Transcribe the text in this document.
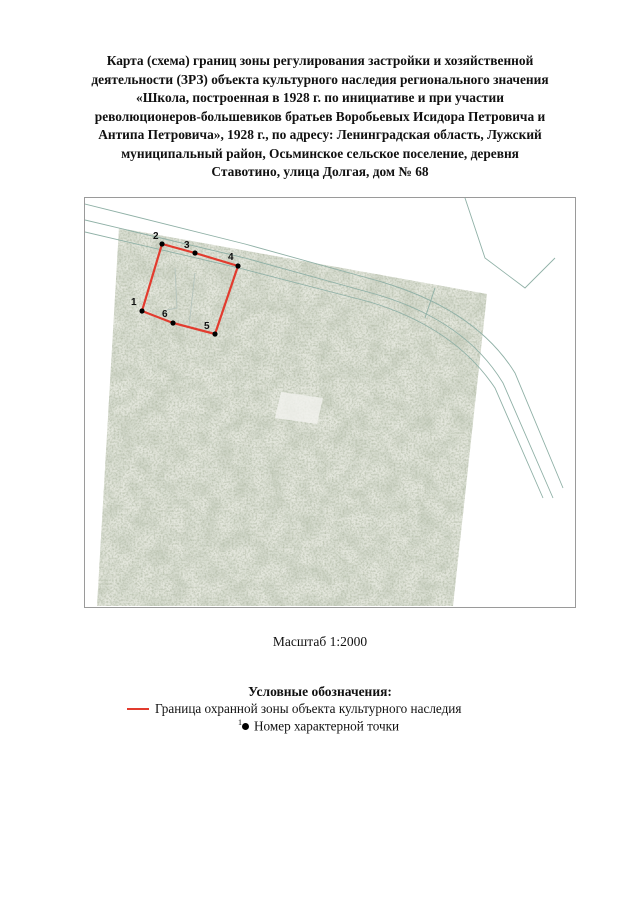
Карта (схема) границ зоны регулирования застройки и хозяйственной
деятельности (ЗРЗ) объекта культурного наследия регионального значения
«Школа, построенная в 1928 г. по инициативе и при участии
революционеров-большевиков братьев Воробьевых Исидора Петровича и
Антипа Петровича», 1928 г., по адресу: Ленинградская область, Лужский
муниципальный район, Осьминское сельское поселение, деревня
Ставотино, улица Долгая, дом № 68
1
2
3
4
5
6
Масштаб 1:2000
Условные обозначения:
Граница охранной зоны объекта культурного наследия
$^1$ Номер характерной точки
